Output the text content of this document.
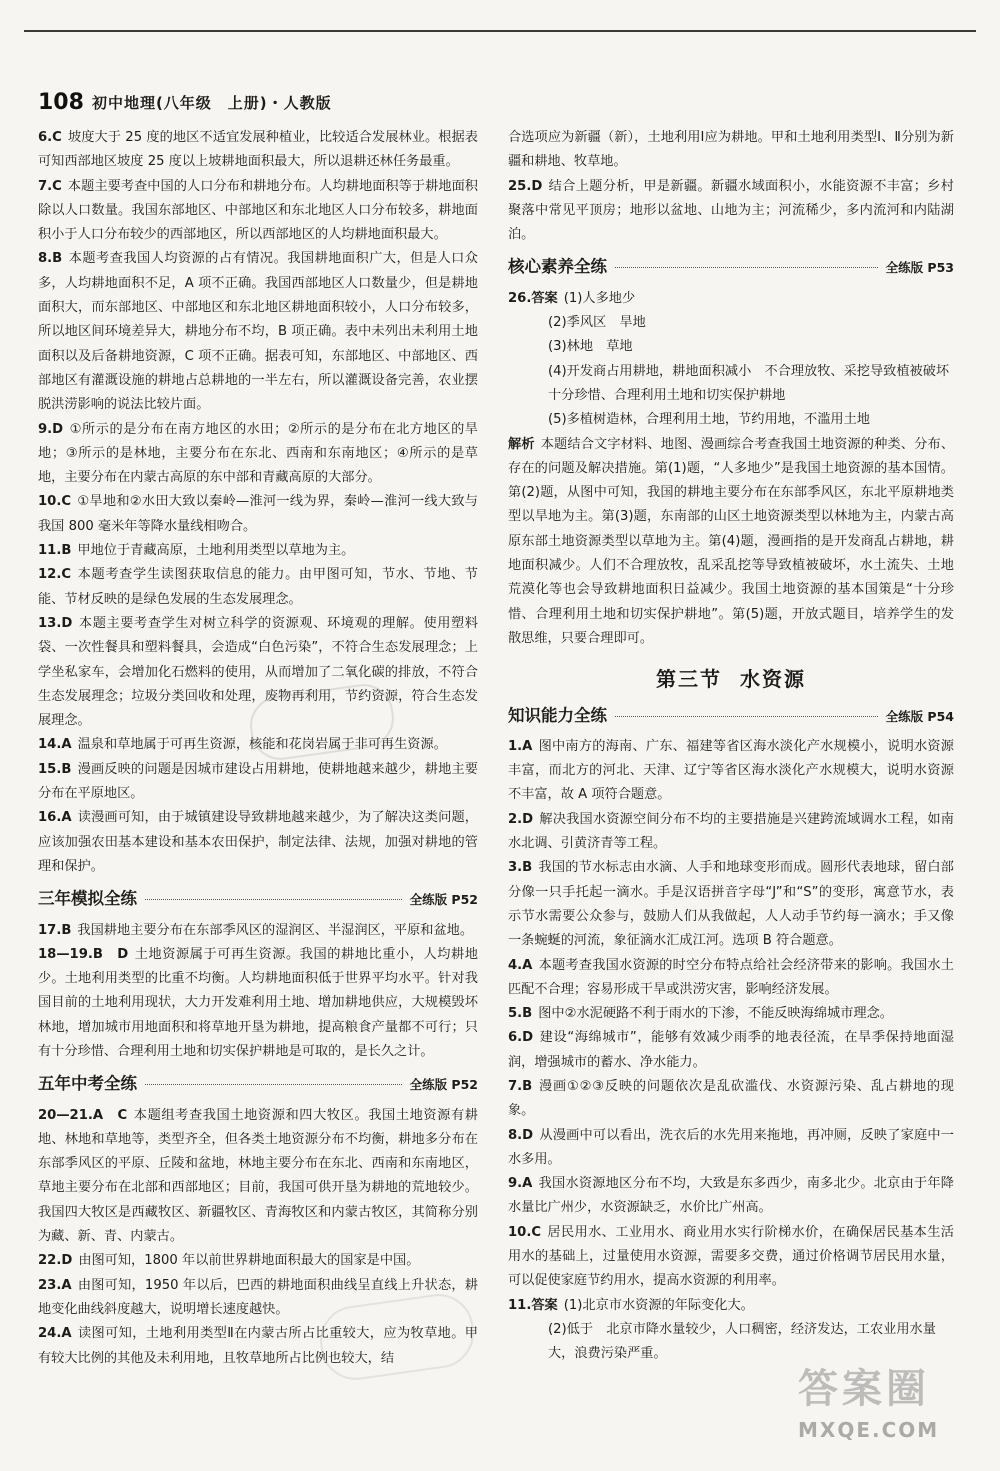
108 初中地理(八年级　上册)・人教版

6.C 坡度大于 25 度的地区不适宜发展种植业，比较适合发展林业。根据表可知西部地区坡度 25 度以上坡耕地面积最大，所以退耕还林任务最重。

7.C 本题主要考查中国的人口分布和耕地分布。人均耕地面积等于耕地面积除以人口数量。我国东部地区、中部地区和东北地区人口分布较多，耕地面积小于人口分布较少的西部地区，所以西部地区的人均耕地面积最大。

8.B 本题考查我国人均资源的占有情况。我国耕地面积广大，但是人口众多，人均耕地面积不足，A 项不正确。我国西部地区人口数量少，但是耕地面积大，而东部地区、中部地区和东北地区耕地面积较小，人口分布较多，所以地区间环境差异大，耕地分布不均，B 项正确。表中未列出未利用土地面积以及后备耕地资源，C 项不正确。据表可知，东部地区、中部地区、西部地区有灌溉设施的耕地占总耕地的一半左右，所以灌溉设备完善，农业摆脱洪涝影响的说法比较片面。

9.D ①所示的是分布在南方地区的水田；②所示的是分布在北方地区的旱地；③所示的是林地，主要分布在东北、西南和东南地区；④所示的是草地，主要分布在内蒙古高原的东中部和青藏高原的大部分。

10.C ①旱地和②水田大致以秦岭—淮河一线为界，秦岭—淮河一线大致与我国 800 毫米年等降水量线相吻合。

11.B 甲地位于青藏高原，土地利用类型以草地为主。

12.C 本题考查学生读图获取信息的能力。由甲图可知，节水、节地、节能、节材反映的是绿色发展的生态发展理念。

13.D 本题主要考查学生对树立科学的资源观、环境观的理解。使用塑料袋、一次性餐具和塑料餐具，会造成“白色污染”，不符合生态发展理念；上学坐私家车，会增加化石燃料的使用，从而增加了二氧化碳的排放，不符合生态发展理念；垃圾分类回收和处理，废物再利用，节约资源，符合生态发展理念。

14.A 温泉和草地属于可再生资源，核能和花岗岩属于非可再生资源。

15.B 漫画反映的问题是因城市建设占用耕地，使耕地越来越少，耕地主要分布在平原地区。

16.A 读漫画可知，由于城镇建设导致耕地越来越少，为了解决这类问题，应该加强农田基本建设和基本农田保护，制定法律、法规，加强对耕地的管理和保护。

三年模拟全练	全练版 P52

17.B 我国耕地主要分布在东部季风区的湿润区、半湿润区，平原和盆地。

18—19.B　D 土地资源属于可再生资源。我国的耕地比重小，人均耕地少。土地利用类型的比重不均衡。人均耕地面积低于世界平均水平。针对我国目前的土地利用现状，大力开发难利用土地、增加耕地供应，大规模毁坏林地，增加城市用地面积和将草地开垦为耕地，提高粮食产量都不可行；只有十分珍惜、合理利用土地和切实保护耕地是可取的，是长久之计。

五年中考全练	全练版 P52

20—21.A　C 本题组考查我国土地资源和四大牧区。我国土地资源有耕地、林地和草地等，类型齐全，但各类土地资源分布不均衡，耕地多分布在东部季风区的平原、丘陵和盆地，林地主要分布在东北、西南和东南地区，草地主要分布在北部和西部地区；目前，我国可供开垦为耕地的荒地较少。我国四大牧区是西藏牧区、新疆牧区、青海牧区和内蒙古牧区，其简称分别为藏、新、青、内蒙古。

22.D 由图可知，1800 年以前世界耕地面积最大的国家是中国。

23.A 由图可知，1950 年以后，巴西的耕地面积曲线呈直线上升状态，耕地变化曲线斜度越大，说明增长速度越快。

24.A 读图可知，土地利用类型Ⅱ在内蒙古所占比重较大，应为牧草地。甲有较大比例的其他及未利用地，且牧草地所占比例也较大，结

合选项应为新疆（新），土地利用Ⅰ应为耕地。甲和土地利用类型Ⅰ、Ⅱ分别为新疆和耕地、牧草地。

25.D 结合上题分析，甲是新疆。新疆水域面积小，水能资源不丰富；乡村聚落中常见平顶房；地形以盆地、山地为主；河流稀少，多内流河和内陆湖泊。

核心素养全练	全练版 P53

26.答案 (1)人多地少

(2)季风区　旱地

(3)林地　草地

(4)开发商占用耕地，耕地面积减小　不合理放牧、采挖导致植被破坏　十分珍惜、合理利用土地和切实保护耕地

(5)多植树造林，合理利用土地，节约用地，不滥用土地

解析 本题结合文字材料、地图、漫画综合考查我国土地资源的种类、分布、存在的问题及解决措施。第(1)题，“人多地少”是我国土地资源的基本国情。第(2)题，从图中可知，我国的耕地主要分布在东部季风区，东北平原耕地类型以旱地为主。第(3)题，东南部的山区土地资源类型以林地为主，内蒙古高原东部土地资源类型以草地为主。第(4)题，漫画指的是开发商乱占耕地，耕地面积减少。人们不合理放牧，乱采乱挖等导致植被破坏，水土流失、土地荒漠化等也会导致耕地面积日益减少。我国土地资源的基本国策是“十分珍惜、合理利用土地和切实保护耕地”。第(5)题，开放式题目，培养学生的发散思维，只要合理即可。

第三节 水资源
知识能力全练	全练版 P54

1.A 图中南方的海南、广东、福建等省区海水淡化产水规模小，说明水资源丰富，而北方的河北、天津、辽宁等省区海水淡化产水规模大，说明水资源不丰富，故 A 项符合题意。

2.D 解决我国水资源空间分布不均的主要措施是兴建跨流域调水工程，如南水北调、引黄济青等工程。

3.B 我国的节水标志由水滴、人手和地球变形而成。圆形代表地球，留白部分像一只手托起一滴水。手是汉语拼音字母“J”和“S”的变形，寓意节水，表示节水需要公众参与，鼓励人们从我做起，人人动手节约每一滴水；手又像一条蜿蜒的河流，象征滴水汇成江河。选项 B 符合题意。

4.A 本题考查我国水资源的时空分布特点给社会经济带来的影响。我国水土匹配不合理；容易形成干旱或洪涝灾害，影响经济发展。

5.B 图中②水泥硬路不利于雨水的下渗，不能反映海绵城市理念。

6.D 建设“海绵城市”，能够有效减少雨季的地表径流，在旱季保持地面湿润，增强城市的蓄水、净水能力。

7.B 漫画①②③反映的问题依次是乱砍滥伐、水资源污染、乱占耕地的现象。

8.D 从漫画中可以看出，洗衣后的水先用来拖地，再冲厕，反映了家庭中一水多用。

9.A 我国水资源地区分布不均，大致是东多西少，南多北少。北京由于年降水量比广州少，水资源缺乏，水价比广州高。

10.C 居民用水、工业用水、商业用水实行阶梯水价，在确保居民基本生活用水的基础上，过量使用水资源，需要多交费，通过价格调节居民用水量，可以促使家庭节约用水，提高水资源的利用率。

11.答案 (1)北京市水资源的年际变化大。

(2)低于　北京市降水量较少，人口稠密，经济发达，工农业用水量大，浪费污染严重。

答案圈
MXQE.COM
